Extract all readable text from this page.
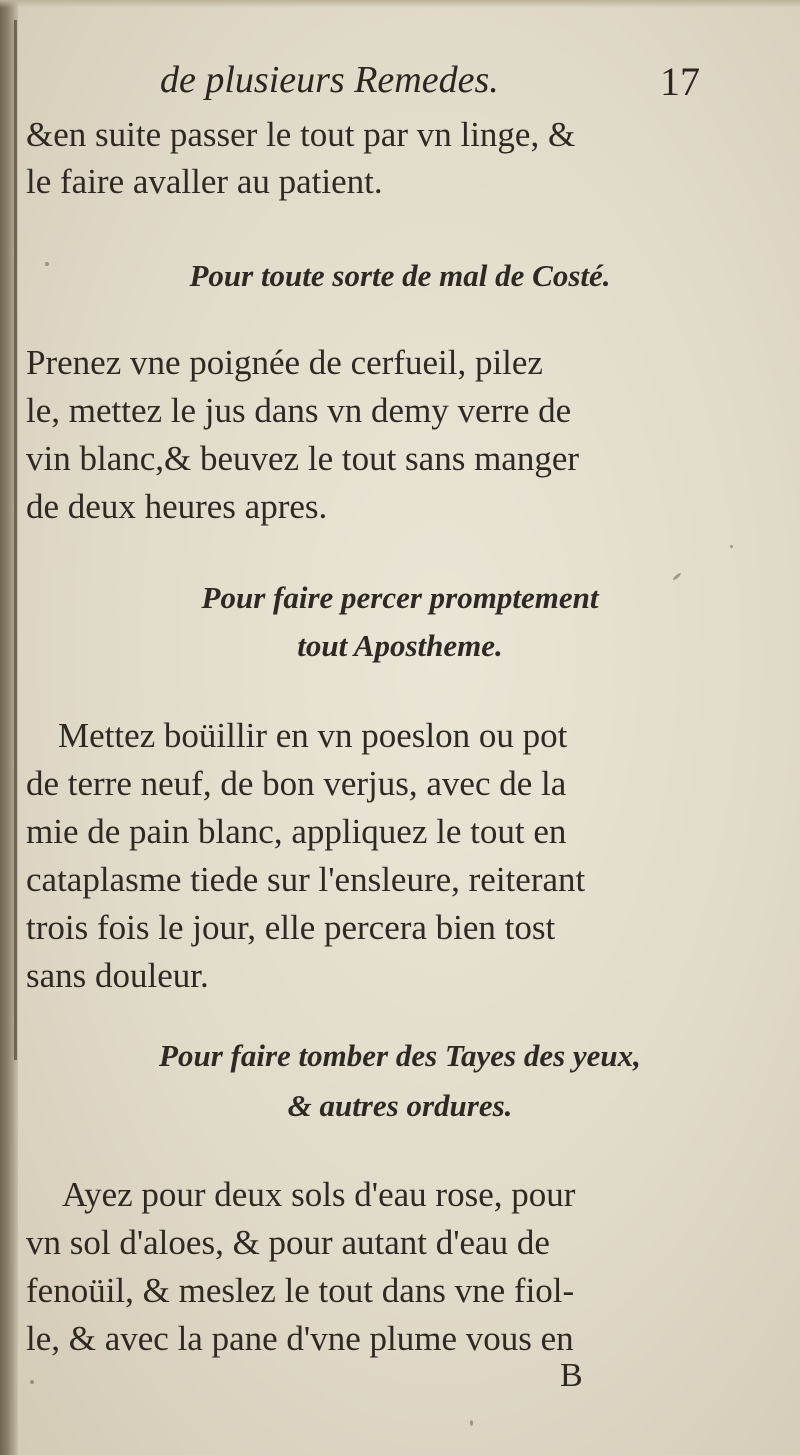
de plusieurs Remedes.	17
&en suite passer le tout par vn linge, &
le faire avaller au patient.
Pour toute sorte de mal de Costé.
Prenez vne poignée de cerfueil, pilez
le, mettez le jus dans vn demy verre de
vin blanc,& beuvez le tout sans manger
de deux heures apres.
Pour faire percer promptement
tout Apostheme.
Mettez boüillir en vn poeslon ou pot
de terre neuf, de bon verjus, avec de la
mie de pain blanc, appliquez le tout en
cataplasme tiede sur l'ensleure, reiterant
trois fois le jour, elle percera bien tost
sans douleur.
Pour faire tomber des Tayes des yeux,
& autres ordures.
Ayez pour deux sols d'eau rose, pour
vn sol d'aloes, & pour autant d'eau de
fenoüil, & meslez le tout dans vne fiol-
le, & avec la pane d'vne plume vous en
B
